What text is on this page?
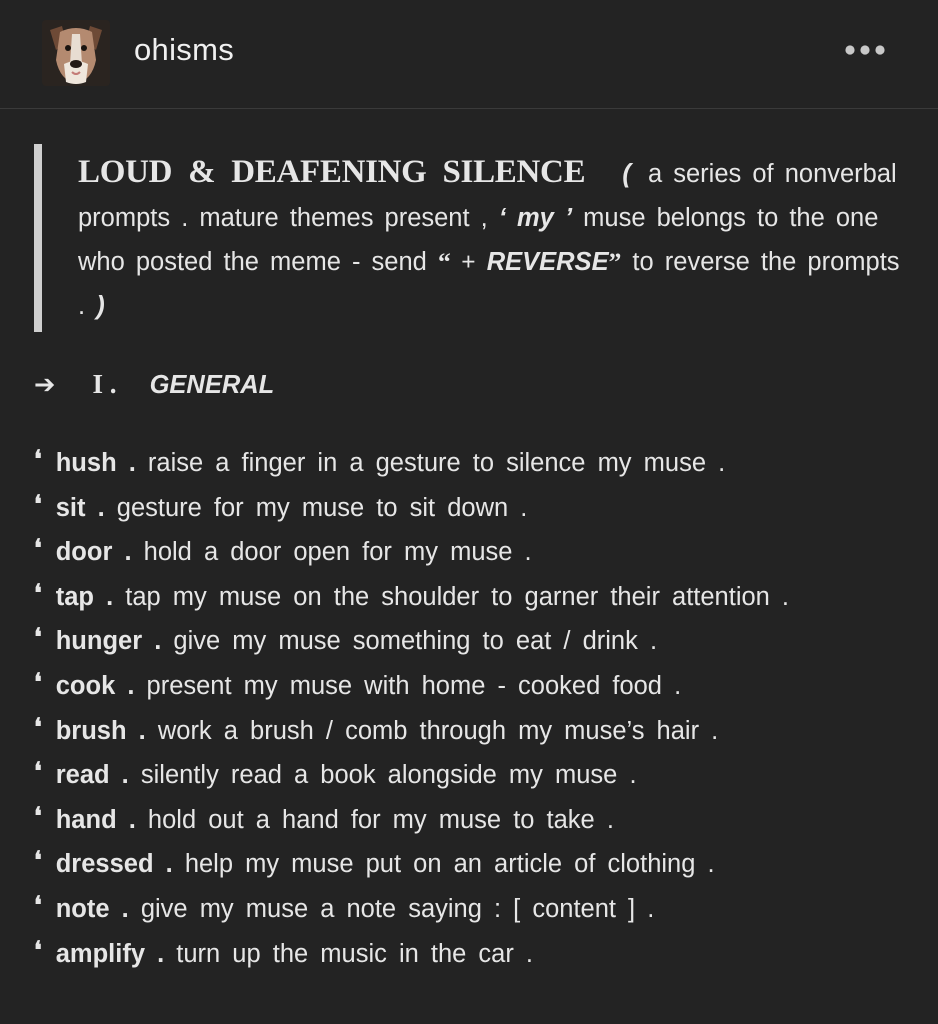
ohisms
LOUD & DEAFENING SILENCE ( a series of nonverbal prompts . mature themes present , ‘ my ’ muse belongs to the one who posted the meme - send “ + REVERSE” to reverse the prompts . )
➔ I . GENERAL
❛ hush . raise a finger in a gesture to silence my muse .
❛ sit . gesture for my muse to sit down .
❛ door . hold a door open for my muse .
❛ tap . tap my muse on the shoulder to garner their attention .
❛ hunger . give my muse something to eat / drink .
❛ cook . present my muse with home - cooked food .
❛ brush . work a brush / comb through my muse’s hair .
❛ read . silently read a book alongside my muse .
❛ hand . hold out a hand for my muse to take .
❛ dressed . help my muse put on an article of clothing .
❛ note . give my muse a note saying : [ content ] .
❛ amplify . turn up the music in the car .
